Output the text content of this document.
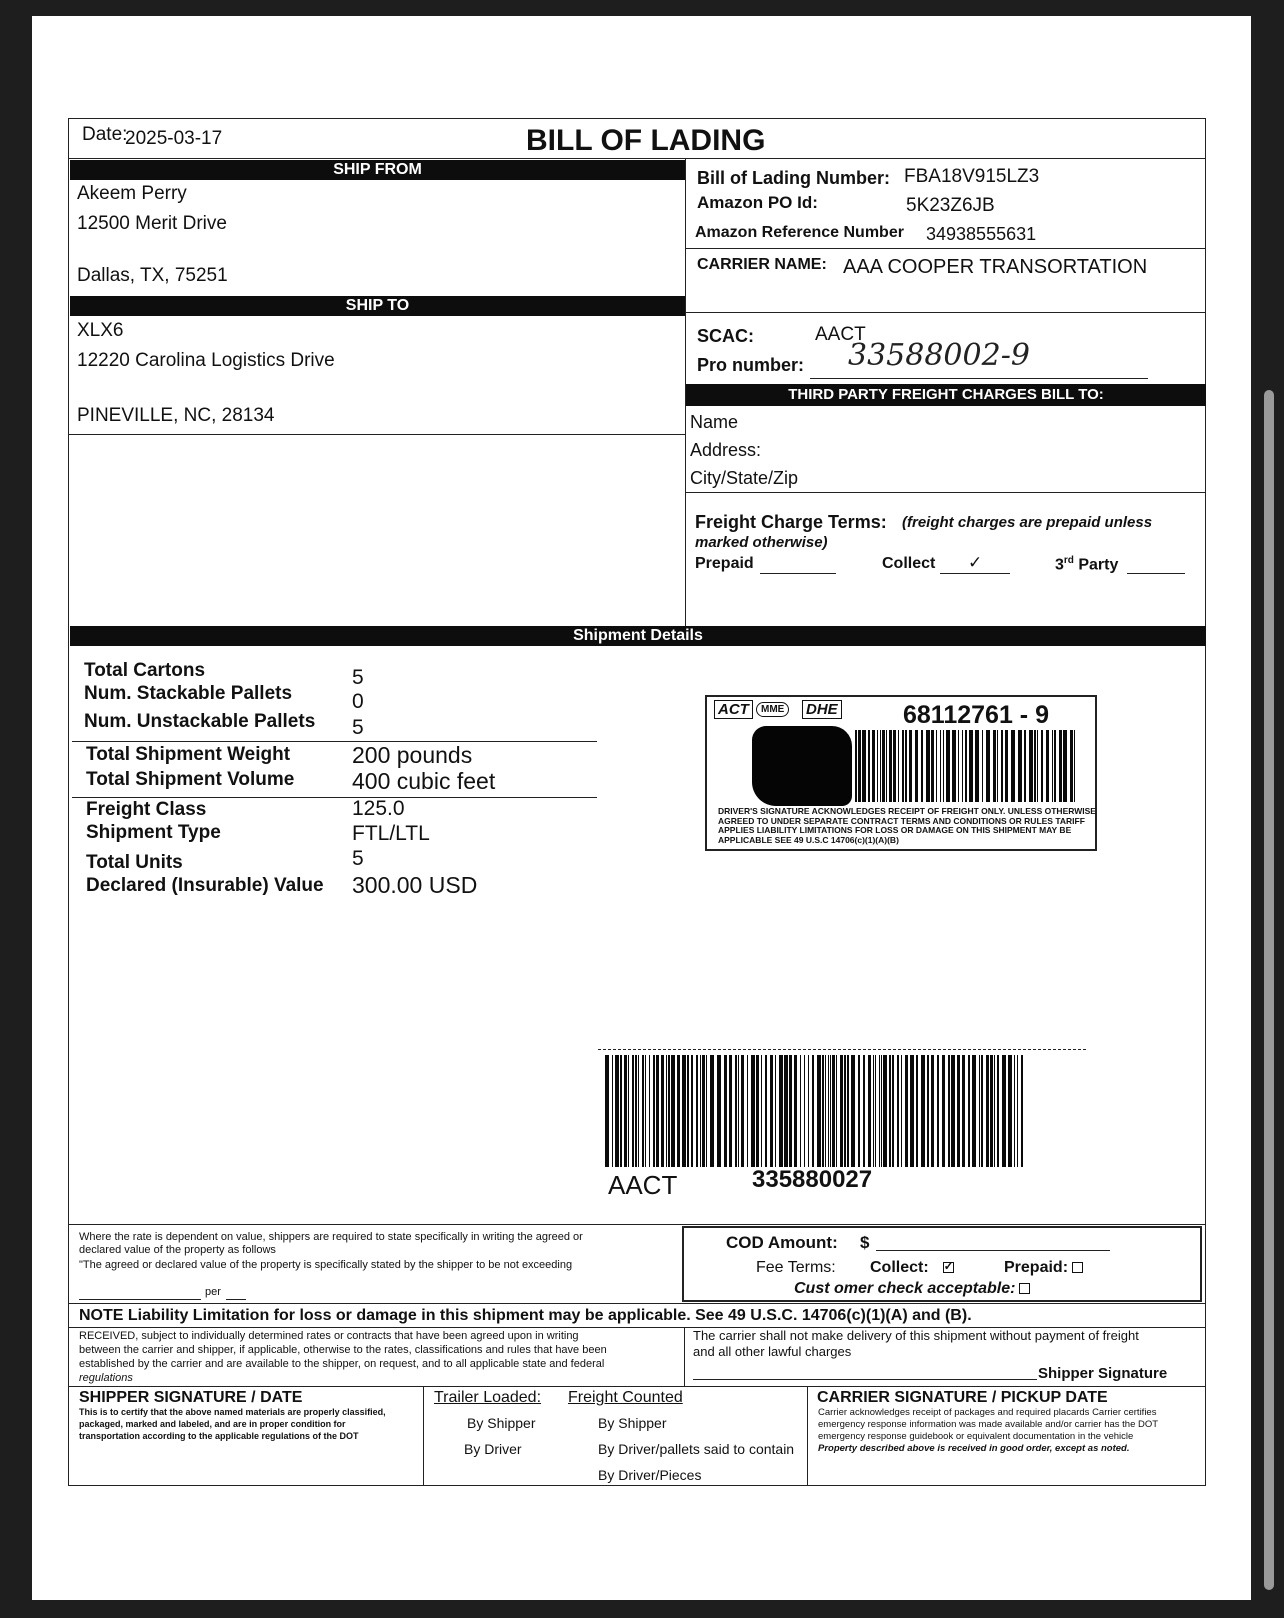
Date:
2025-03-17	BILL OF LADING
SHIP FROM
Akeem Perry
12500 Merit Drive
Dallas, TX, 75251
SHIP TO
XLX6
12220 Carolina Logistics Drive
PINEVILLE, NC, 28134
Bill of Lading Number: FBA18V915LZ3
Amazon PO Id:	5K23Z6JB
Amazon Reference Number 34938555631
CARRIER NAME: AAA COOPER TRANSORTATION
SCAC:	AACT
Pro number: 33588002-9
THIRD PARTY FREIGHT CHARGES BILL TO:
Name
Address:
City/State/Zip
Freight Charge Terms: (freight charges are prepaid unless
marked otherwise)
Prepaid	Collect ✓	3rd Party
Shipment Details
Total Cartons	5
Num. Stackable Pallets	0
Num. Unstackable Pallets 5
Total Shipment Weight	200 pounds
Total Shipment Volume	400 cubic feet
Freight Class	125.0
Shipment Type	FTL/LTL
Total Units	5
Declared (Insurable) Value 300.00 USD
ACT	MME	DHE	68112761 - 9
DRIVER'S SIGNATURE ACKNOWLEDGES RECEIPT OF FREIGHT ONLY. UNLESS OTHERWISE
AGREED TO UNDER SEPARATE CONTRACT TERMS AND CONDITIONS OR RULES TARIFF
APPLIES LIABILITY LIMITATIONS FOR LOSS OR DAMAGE ON THIS SHIPMENT MAY BE
APPLICABLE SEE 49 U.S.C 14706(c)(1)(A)(B)
AACT	335880027
Where the rate is dependent on value, shippers are required to state specifically in writing the agreed or
declared value of the property as follows
"The agreed or declared value of the property is specifically stated by the shipper to be not exceeding
per
COD Amount: $
Fee Terms: Collect: ✓	Prepaid:
Cust omer check acceptable:
NOTE Liability Limitation for loss or damage in this shipment may be applicable. See 49 U.S.C. 14706(c)(1)(A) and (B).
RECEIVED, subject to individually determined rates or contracts that have been agreed upon in writing
between the carrier and shipper, if applicable, otherwise to the rates, classifications and rules that have been
established by the carrier and are available to the shipper, on request, and to all applicable state and federal
regulations
The carrier shall not make delivery of this shipment without payment of freight
and all other lawful charges
Shipper Signature
SHIPPER SIGNATURE / DATE
This is to certify that the above named materials are properly classified,
packaged, marked and labeled, and are in proper condition for
transportation according to the applicable regulations of the DOT
Trailer Loaded:
By Shipper
By Driver
Freight Counted
By Shipper
By Driver/pallets said to contain
By Driver/Pieces
CARRIER SIGNATURE / PICKUP DATE
Carrier acknowledges receipt of packages and required placards Carrier certifies
emergency response information was made available and/or carrier has the DOT
emergency response guidebook or equivalent documentation in the vehicle
Property described above is received in good order, except as noted.
